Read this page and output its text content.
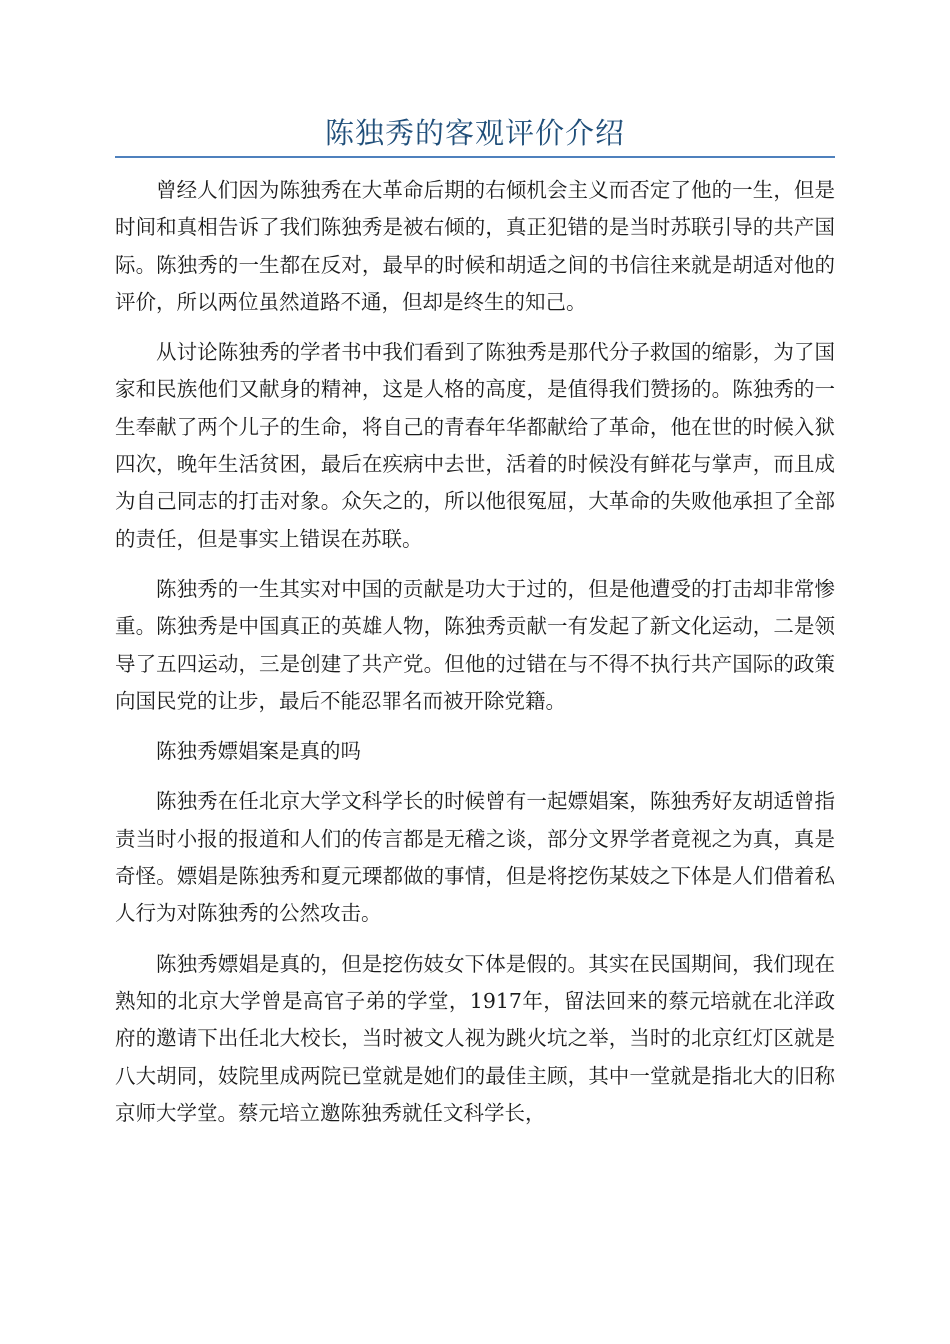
陈独秀的客观评价介绍

曾经人们因为陈独秀在大革命后期的右倾机会主义而否定了他的一生，但是时间和真相告诉了我们陈独秀是被右倾的，真正犯错的是当时苏联引导的共产国际。陈独秀的一生都在反对，最早的时候和胡适之间的书信往来就是胡适对他的评价，所以两位虽然道路不通，但却是终生的知己。

从讨论陈独秀的学者书中我们看到了陈独秀是那代分子救国的缩影，为了国家和民族他们又献身的精神，这是人格的高度，是值得我们赞扬的。陈独秀的一生奉献了两个儿子的生命，将自己的青春年华都献给了革命，他在世的时候入狱四次，晚年生活贫困，最后在疾病中去世，活着的时候没有鲜花与掌声，而且成为自己同志的打击对象。众矢之的，所以他很冤屈，大革命的失败他承担了全部的责任，但是事实上错误在苏联。

陈独秀的一生其实对中国的贡献是功大于过的，但是他遭受的打击却非常惨重。陈独秀是中国真正的英雄人物，陈独秀贡献一有发起了新文化运动，二是领导了五四运动，三是创建了共产党。但他的过错在与不得不执行共产国际的政策向国民党的让步，最后不能忍罪名而被开除党籍。

陈独秀嫖娼案是真的吗

陈独秀在任北京大学文科学长的时候曾有一起嫖娼案，陈独秀好友胡适曾指责当时小报的报道和人们的传言都是无稽之谈，部分文界学者竟视之为真，真是奇怪。嫖娼是陈独秀和夏元瑮都做的事情，但是将挖伤某妓之下体是人们借着私人行为对陈独秀的公然攻击。

陈独秀嫖娼是真的，但是挖伤妓女下体是假的。其实在民国期间，我们现在熟知的北京大学曾是高官子弟的学堂，1917年，留法回来的蔡元培就在北洋政府的邀请下出任北大校长，当时被文人视为跳火坑之举，当时的北京红灯区就是八大胡同，妓院里成两院已堂就是她们的最佳主顾，其中一堂就是指北大的旧称京师大学堂。蔡元培立邀陈独秀就任文科学长，
